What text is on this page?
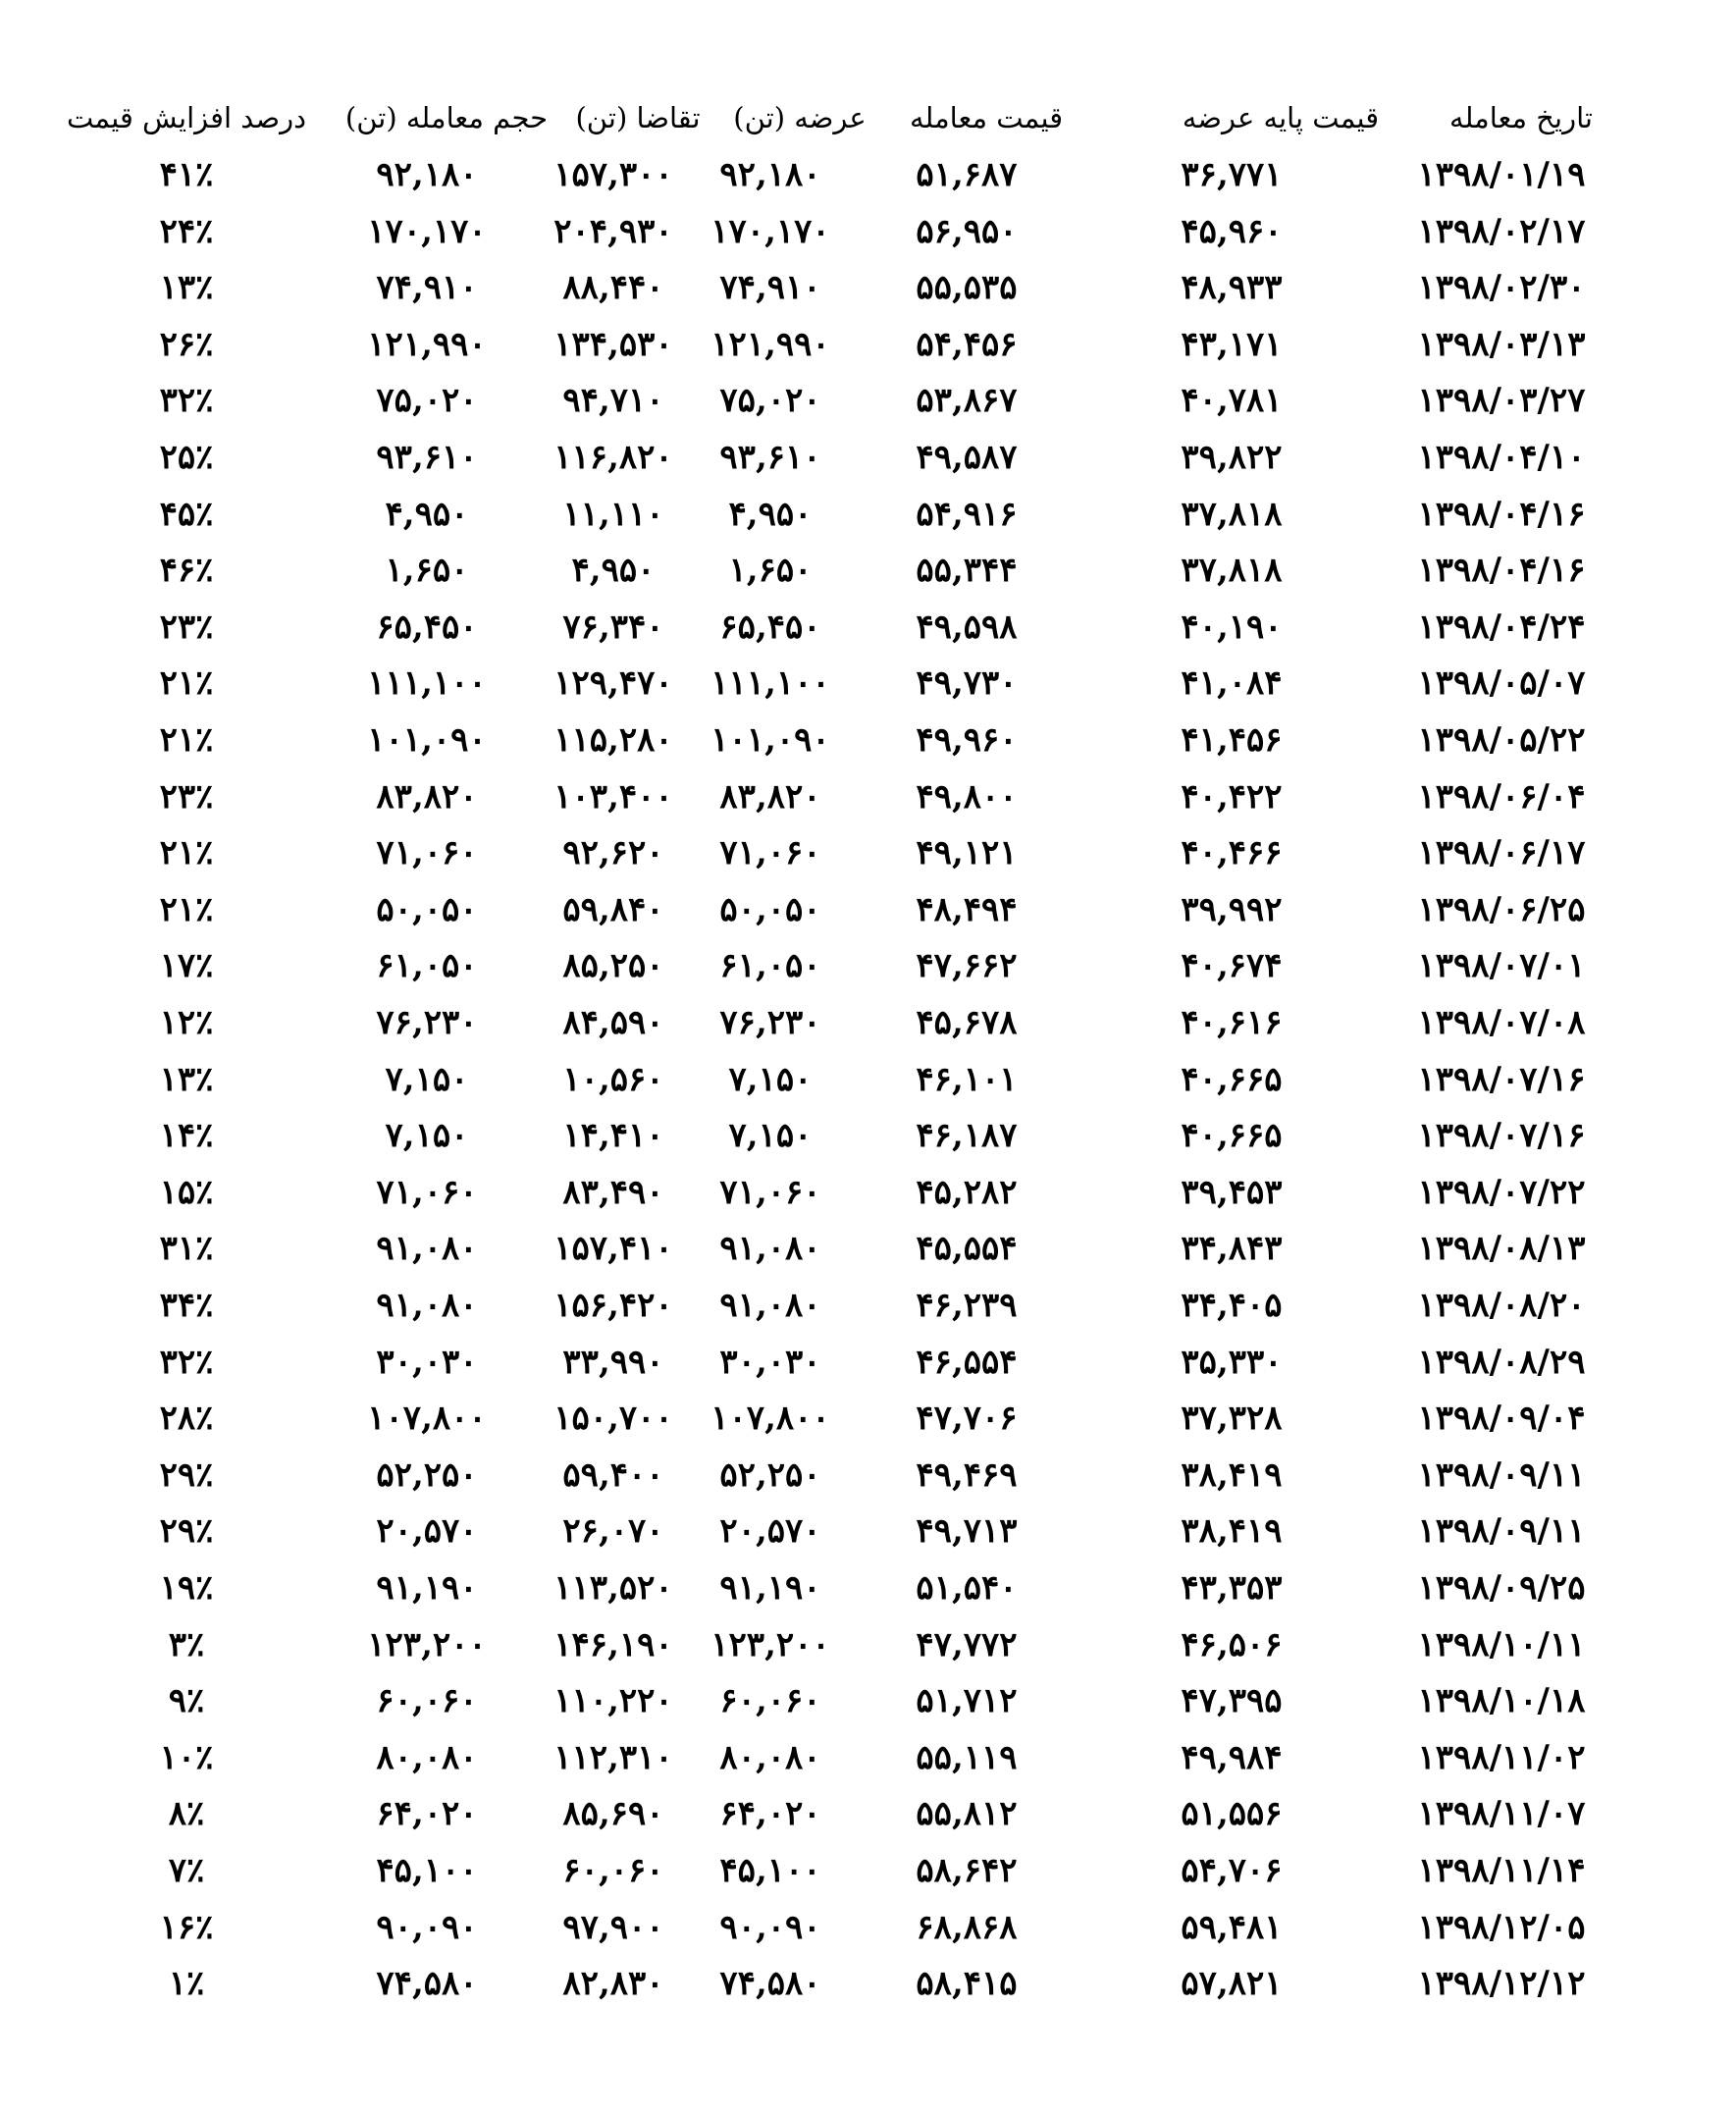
تاریخ معامله
قیمت پایه عرضه
قیمت معامله
عرضه (تن)
تقاضا (تن)
حجم معامله (تن)
درصد افزایش قیمت
۱۳۹۸/۰۱/۱۹
۳۶,۷۷۱
۵۱,۶۸۷
۹۲,۱۸۰
۱۵۷,۳۰۰
۹۲,۱۸۰
۴۱٪
۱۳۹۸/۰۲/۱۷
۴۵,۹۶۰
۵۶,۹۵۰
۱۷۰,۱۷۰
۲۰۴,۹۳۰
۱۷۰,۱۷۰
۲۴٪
۱۳۹۸/۰۲/۳۰
۴۸,۹۳۳
۵۵,۵۳۵
۷۴,۹۱۰
۸۸,۴۴۰
۷۴,۹۱۰
۱۳٪
۱۳۹۸/۰۳/۱۳
۴۳,۱۷۱
۵۴,۴۵۶
۱۲۱,۹۹۰
۱۳۴,۵۳۰
۱۲۱,۹۹۰
۲۶٪
۱۳۹۸/۰۳/۲۷
۴۰,۷۸۱
۵۳,۸۶۷
۷۵,۰۲۰
۹۴,۷۱۰
۷۵,۰۲۰
۳۲٪
۱۳۹۸/۰۴/۱۰
۳۹,۸۲۲
۴۹,۵۸۷
۹۳,۶۱۰
۱۱۶,۸۲۰
۹۳,۶۱۰
۲۵٪
۱۳۹۸/۰۴/۱۶
۳۷,۸۱۸
۵۴,۹۱۶
۴,۹۵۰
۱۱,۱۱۰
۴,۹۵۰
۴۵٪
۱۳۹۸/۰۴/۱۶
۳۷,۸۱۸
۵۵,۳۴۴
۱,۶۵۰
۴,۹۵۰
۱,۶۵۰
۴۶٪
۱۳۹۸/۰۴/۲۴
۴۰,۱۹۰
۴۹,۵۹۸
۶۵,۴۵۰
۷۶,۳۴۰
۶۵,۴۵۰
۲۳٪
۱۳۹۸/۰۵/۰۷
۴۱,۰۸۴
۴۹,۷۳۰
۱۱۱,۱۰۰
۱۲۹,۴۷۰
۱۱۱,۱۰۰
۲۱٪
۱۳۹۸/۰۵/۲۲
۴۱,۴۵۶
۴۹,۹۶۰
۱۰۱,۰۹۰
۱۱۵,۲۸۰
۱۰۱,۰۹۰
۲۱٪
۱۳۹۸/۰۶/۰۴
۴۰,۴۲۲
۴۹,۸۰۰
۸۳,۸۲۰
۱۰۳,۴۰۰
۸۳,۸۲۰
۲۳٪
۱۳۹۸/۰۶/۱۷
۴۰,۴۶۶
۴۹,۱۲۱
۷۱,۰۶۰
۹۲,۶۲۰
۷۱,۰۶۰
۲۱٪
۱۳۹۸/۰۶/۲۵
۳۹,۹۹۲
۴۸,۴۹۴
۵۰,۰۵۰
۵۹,۸۴۰
۵۰,۰۵۰
۲۱٪
۱۳۹۸/۰۷/۰۱
۴۰,۶۷۴
۴۷,۶۶۲
۶۱,۰۵۰
۸۵,۲۵۰
۶۱,۰۵۰
۱۷٪
۱۳۹۸/۰۷/۰۸
۴۰,۶۱۶
۴۵,۶۷۸
۷۶,۲۳۰
۸۴,۵۹۰
۷۶,۲۳۰
۱۲٪
۱۳۹۸/۰۷/۱۶
۴۰,۶۶۵
۴۶,۱۰۱
۷,۱۵۰
۱۰,۵۶۰
۷,۱۵۰
۱۳٪
۱۳۹۸/۰۷/۱۶
۴۰,۶۶۵
۴۶,۱۸۷
۷,۱۵۰
۱۴,۴۱۰
۷,۱۵۰
۱۴٪
۱۳۹۸/۰۷/۲۲
۳۹,۴۵۳
۴۵,۲۸۲
۷۱,۰۶۰
۸۳,۴۹۰
۷۱,۰۶۰
۱۵٪
۱۳۹۸/۰۸/۱۳
۳۴,۸۴۳
۴۵,۵۵۴
۹۱,۰۸۰
۱۵۷,۴۱۰
۹۱,۰۸۰
۳۱٪
۱۳۹۸/۰۸/۲۰
۳۴,۴۰۵
۴۶,۲۳۹
۹۱,۰۸۰
۱۵۶,۴۲۰
۹۱,۰۸۰
۳۴٪
۱۳۹۸/۰۸/۲۹
۳۵,۳۳۰
۴۶,۵۵۴
۳۰,۰۳۰
۳۳,۹۹۰
۳۰,۰۳۰
۳۲٪
۱۳۹۸/۰۹/۰۴
۳۷,۳۲۸
۴۷,۷۰۶
۱۰۷,۸۰۰
۱۵۰,۷۰۰
۱۰۷,۸۰۰
۲۸٪
۱۳۹۸/۰۹/۱۱
۳۸,۴۱۹
۴۹,۴۶۹
۵۲,۲۵۰
۵۹,۴۰۰
۵۲,۲۵۰
۲۹٪
۱۳۹۸/۰۹/۱۱
۳۸,۴۱۹
۴۹,۷۱۳
۲۰,۵۷۰
۲۶,۰۷۰
۲۰,۵۷۰
۲۹٪
۱۳۹۸/۰۹/۲۵
۴۳,۳۵۳
۵۱,۵۴۰
۹۱,۱۹۰
۱۱۳,۵۲۰
۹۱,۱۹۰
۱۹٪
۱۳۹۸/۱۰/۱۱
۴۶,۵۰۶
۴۷,۷۷۲
۱۲۳,۲۰۰
۱۴۶,۱۹۰
۱۲۳,۲۰۰
۳٪
۱۳۹۸/۱۰/۱۸
۴۷,۳۹۵
۵۱,۷۱۲
۶۰,۰۶۰
۱۱۰,۲۲۰
۶۰,۰۶۰
۹٪
۱۳۹۸/۱۱/۰۲
۴۹,۹۸۴
۵۵,۱۱۹
۸۰,۰۸۰
۱۱۲,۳۱۰
۸۰,۰۸۰
۱۰٪
۱۳۹۸/۱۱/۰۷
۵۱,۵۵۶
۵۵,۸۱۲
۶۴,۰۲۰
۸۵,۶۹۰
۶۴,۰۲۰
۸٪
۱۳۹۸/۱۱/۱۴
۵۴,۷۰۶
۵۸,۶۴۲
۴۵,۱۰۰
۶۰,۰۶۰
۴۵,۱۰۰
۷٪
۱۳۹۸/۱۲/۰۵
۵۹,۴۸۱
۶۸,۸۶۸
۹۰,۰۹۰
۹۷,۹۰۰
۹۰,۰۹۰
۱۶٪
۱۳۹۸/۱۲/۱۲
۵۷,۸۲۱
۵۸,۴۱۵
۷۴,۵۸۰
۸۲,۸۳۰
۷۴,۵۸۰
۱٪
